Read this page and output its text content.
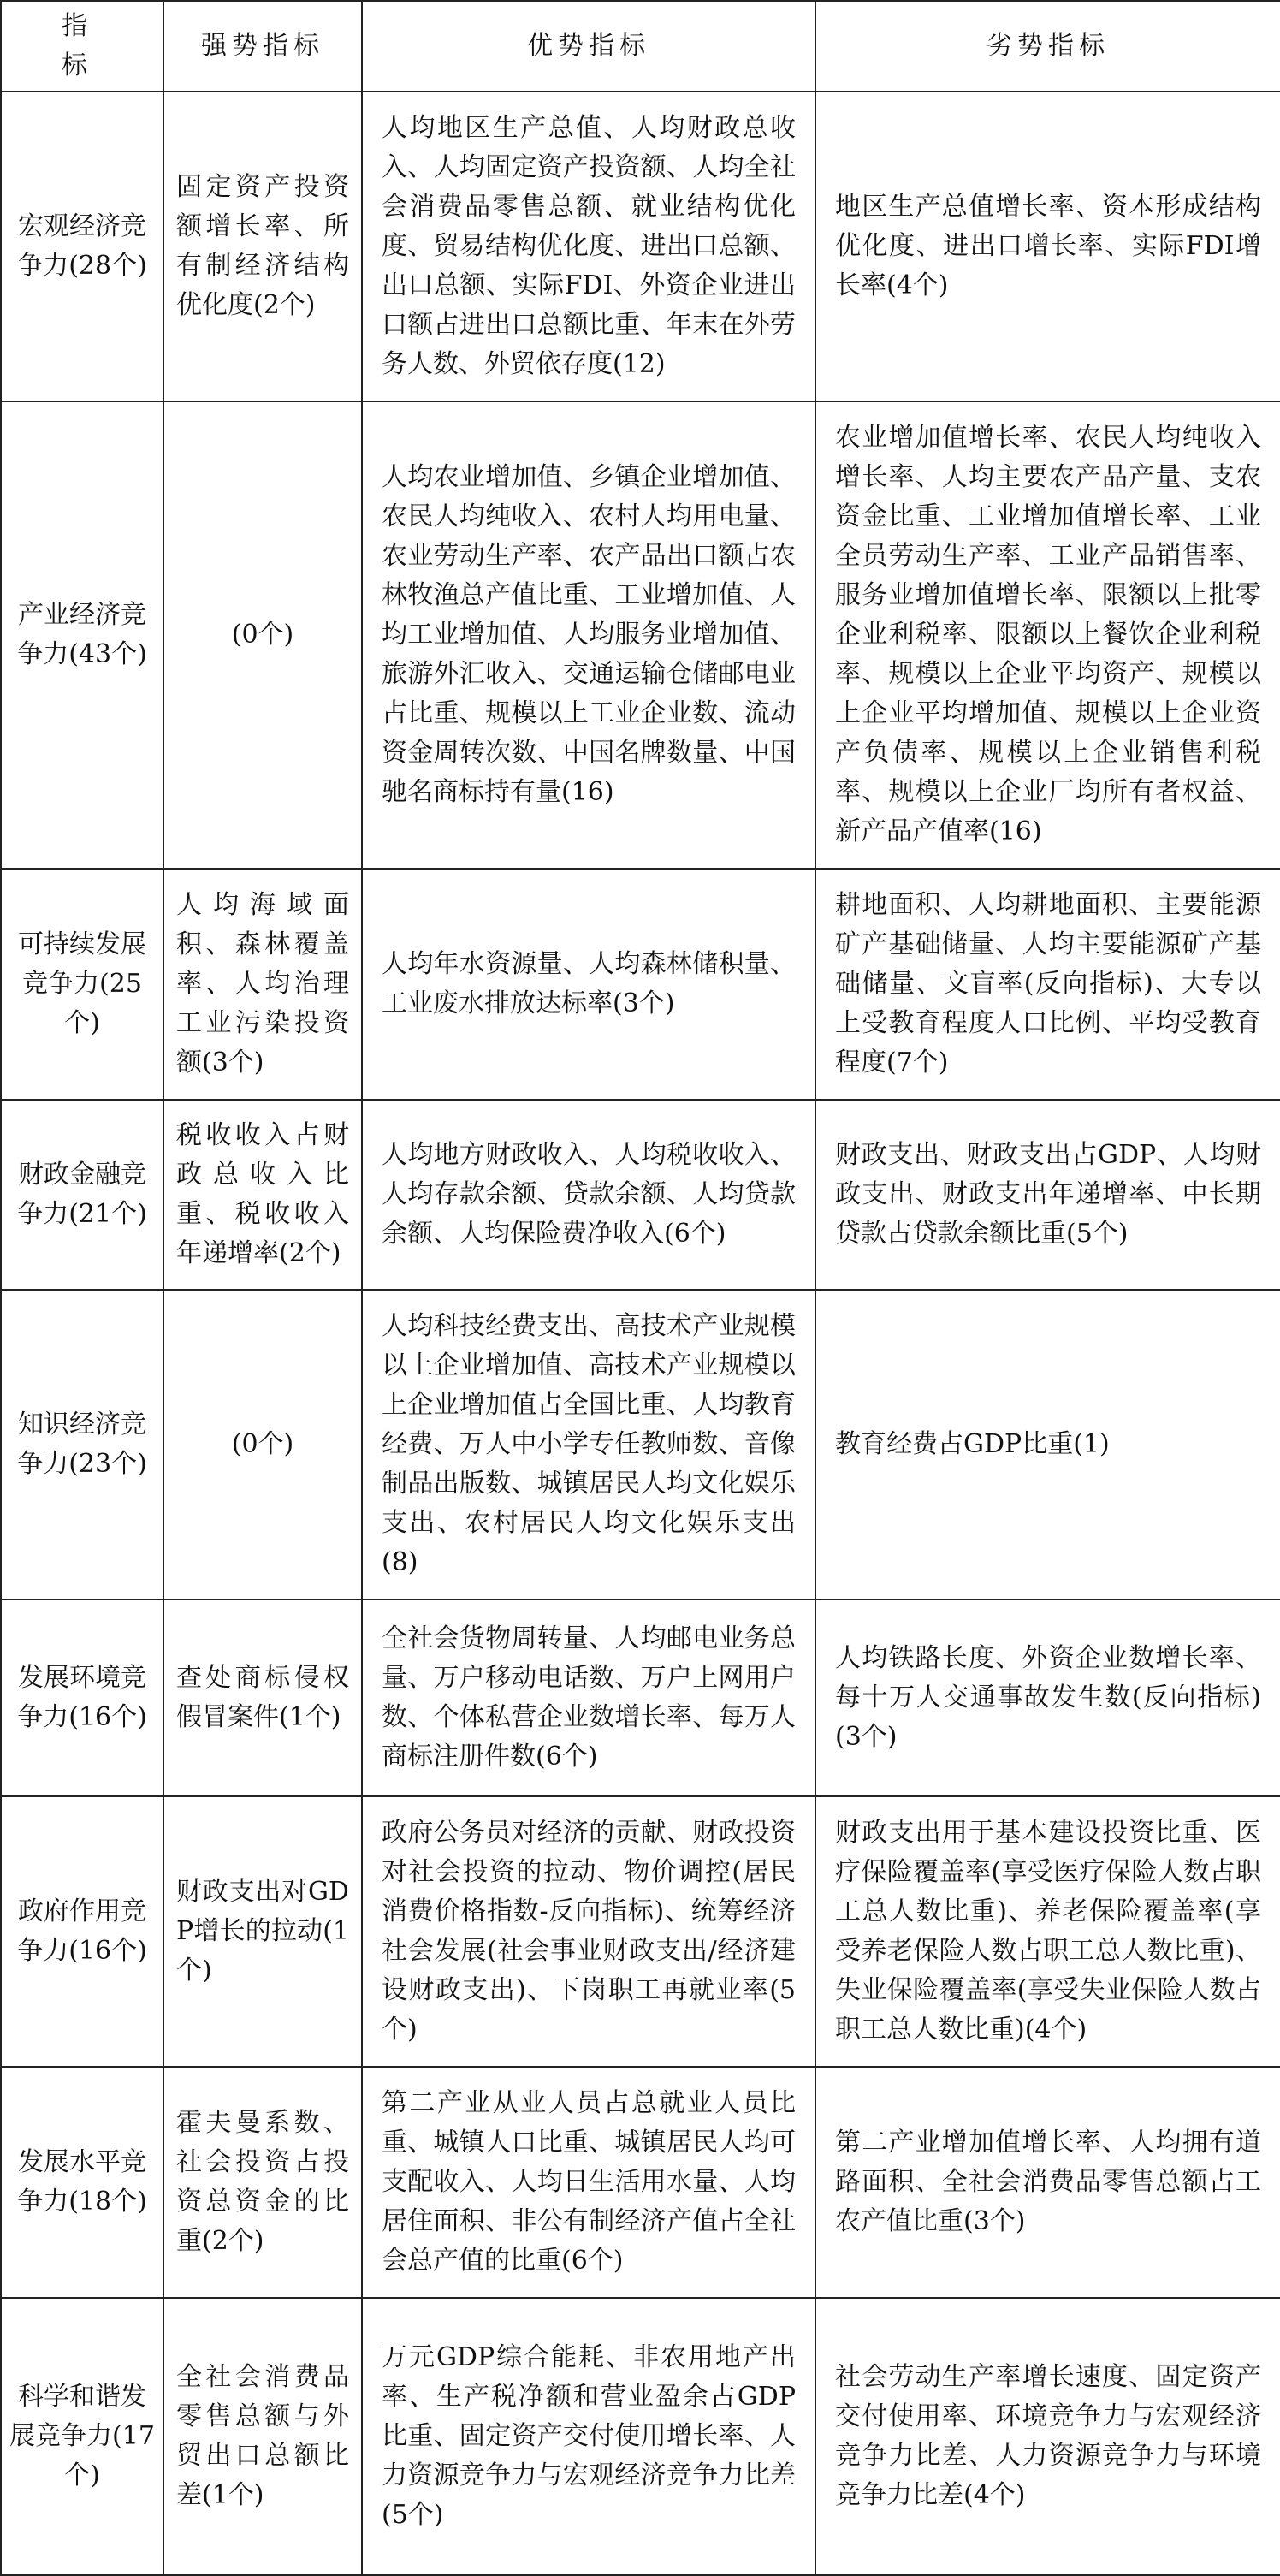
指 标	强势指标	优势指标	劣势指标
宏观经济竞争力(28个)	固定资产投资额增长率、所有制经济结构优化度(2个)	人均地区生产总值、人均财政总收入、人均固定资产投资额、人均全社会消费品零售总额、就业结构优化度、贸易结构优化度、进出口总额、出口总额、实际FDI、外资企业进出口额占进出口总额比重、年末在外劳务人数、外贸依存度(12)	地区生产总值增长率、资本形成结构优化度、进出口增长率、实际FDI增长率(4个)
产业经济竞争力(43个)	(0个)	人均农业增加值、乡镇企业增加值、农民人均纯收入、农村人均用电量、农业劳动生产率、农产品出口额占农林牧渔总产值比重、工业增加值、人均工业增加值、人均服务业增加值、旅游外汇收入、交通运输仓储邮电业占比重、规模以上工业企业数、流动资金周转次数、中国名牌数量、中国驰名商标持有量(16)	农业增加值增长率、农民人均纯收入增长率、人均主要农产品产量、支农资金比重、工业增加值增长率、工业全员劳动生产率、工业产品销售率、服务业增加值增长率、限额以上批零企业利税率、限额以上餐饮企业利税率、规模以上企业平均资产、规模以上企业平均增加值、规模以上企业资产负债率、规模以上企业销售利税率、规模以上企业厂均所有者权益、新产品产值率(16)
可持续发展竞争力(25个)	人均海域面积、森林覆盖率、人均治理工业污染投资额(3个)	人均年水资源量、人均森林储积量、工业废水排放达标率(3个)	耕地面积、人均耕地面积、主要能源矿产基础储量、人均主要能源矿产基础储量、文盲率(反向指标)、大专以上受教育程度人口比例、平均受教育程度(7个)
财政金融竞争力(21个)	税收收入占财政总收入比重、税收收入年递增率(2个)	人均地方财政收入、人均税收收入、人均存款余额、贷款余额、人均贷款余额、人均保险费净收入(6个)	财政支出、财政支出占GDP、人均财政支出、财政支出年递增率、中长期贷款占贷款余额比重(5个)
知识经济竞争力(23个)	(0个)	人均科技经费支出、高技术产业规模以上企业增加值、高技术产业规模以上企业增加值占全国比重、人均教育经费、万人中小学专任教师数、音像制品出版数、城镇居民人均文化娱乐支出、农村居民人均文化娱乐支出(8)	教育经费占GDP比重(1)
发展环境竞争力(16个)	查处商标侵权假冒案件(1个)	全社会货物周转量、人均邮电业务总量、万户移动电话数、万户上网用户数、个体私营企业数增长率、每万人商标注册件数(6个)	人均铁路长度、外资企业数增长率、每十万人交通事故发生数(反向指标)(3个)
政府作用竞争力(16个)	财政支出对GDP增长的拉动(1个)	政府公务员对经济的贡献、财政投资对社会投资的拉动、物价调控(居民消费价格指数-反向指标)、统筹经济社会发展(社会事业财政支出/经济建设财政支出)、下岗职工再就业率(5个)	财政支出用于基本建设投资比重、医疗保险覆盖率(享受医疗保险人数占职工总人数比重)、养老保险覆盖率(享受养老保险人数占职工总人数比重)、失业保险覆盖率(享受失业保险人数占职工总人数比重)(4个)
发展水平竞争力(18个)	霍夫曼系数、社会投资占投资总资金的比重(2个)	第二产业从业人员占总就业人员比重、城镇人口比重、城镇居民人均可支配收入、人均日生活用水量、人均居住面积、非公有制经济产值占全社会总产值的比重(6个)	第二产业增加值增长率、人均拥有道路面积、全社会消费品零售总额占工农产值比重(3个)
科学和谐发展竞争力(17个)	全社会消费品零售总额与外贸出口总额比差(1个)	万元GDP综合能耗、非农用地产出率、生产税净额和营业盈余占GDP比重、固定资产交付使用增长率、人力资源竞争力与宏观经济竞争力比差(5个)	社会劳动生产率增长速度、固定资产交付使用率、环境竞争力与宏观经济竞争力比差、人力资源竞争力与环境竞争力比差(4个)
